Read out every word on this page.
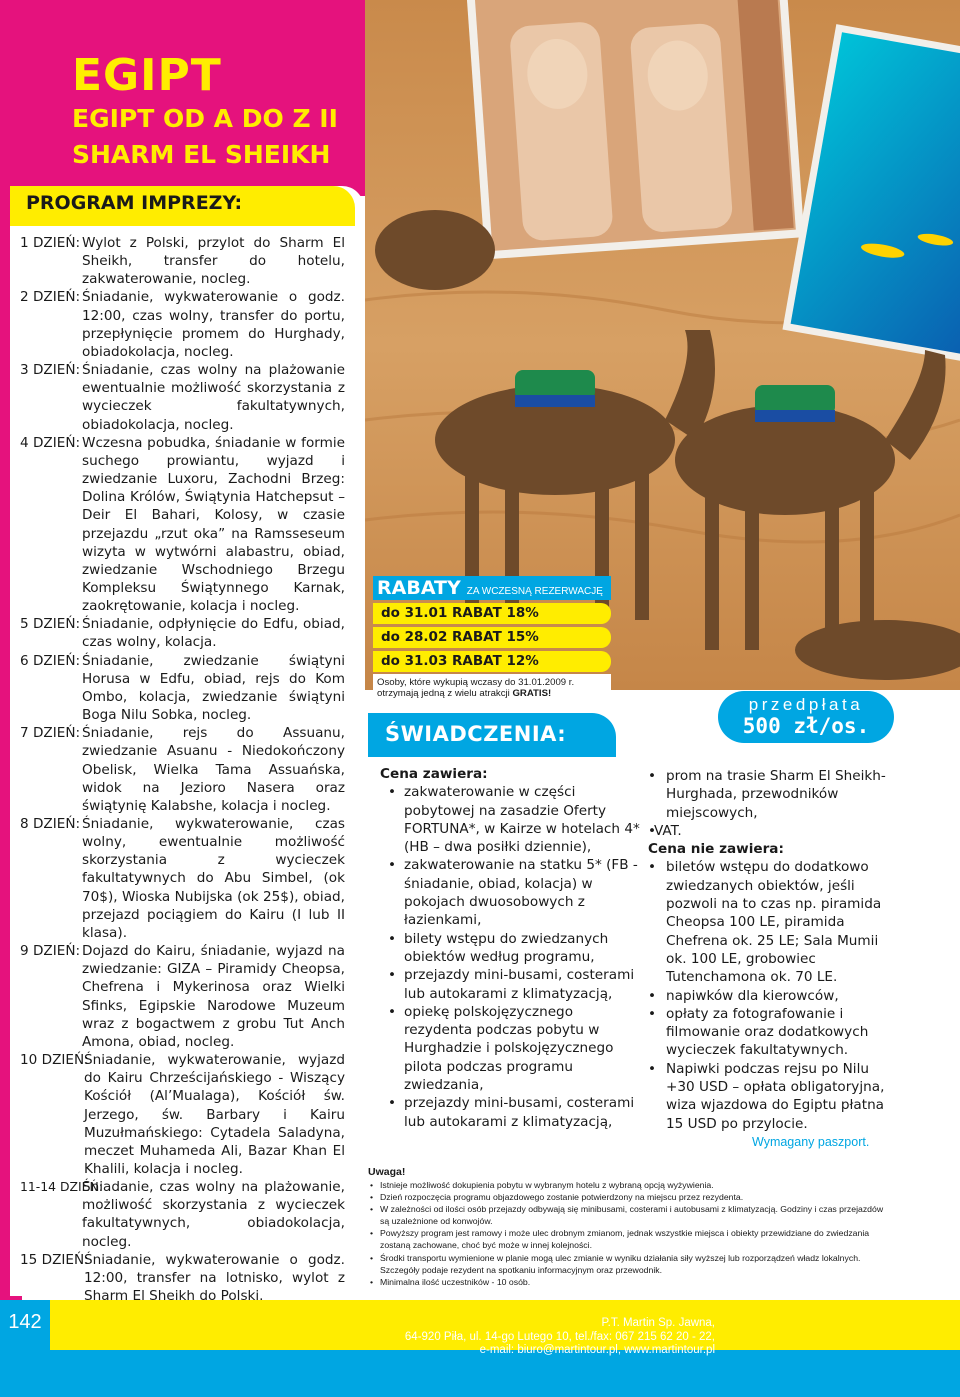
EGIPT
EGIPT OD A DO Z II
SHARM EL SHEIKH
PROGRAM IMPREZY:
1 DZIEŃ: Wylot z Polski, przylot do Sharm El Sheikh, transfer do hotelu, zakwaterowanie, nocleg.
2 DZIEŃ: Śniadanie, wykwaterowanie o godz. 12:00, czas wolny, transfer do portu, przepłynięcie promem do Hurghady, obiadokolacja, nocleg.
3 DZIEŃ: Śniadanie, czas wolny na plażowanie ewentualnie możliwość skorzystania z wycieczek fakultatywnych, obiadokolacja, nocleg.
4 DZIEŃ: Wczesna pobudka, śniadanie w formie suchego prowiantu, wyjazd i zwiedzanie Luxoru, Zachodni Brzeg: Dolina Królów, Świątynia Hatchepsut – Deir El Bahari, Kolosy, w czasie przejazdu „rzut oka” na Ramsseseum wizyta w wytwórni alabastru, obiad, zwiedzanie Wschodniego Brzegu Kompleksu Świątynnego Karnak, zaokrętowanie, kolacja i nocleg.
5 DZIEŃ: Śniadanie, odpłynięcie do Edfu, obiad, czas wolny, kolacja.
6 DZIEŃ: Śniadanie, zwiedzanie świątyni Horusa w Edfu, obiad, rejs do Kom Ombo, kolacja, zwiedzanie świątyni Boga Nilu Sobka, nocleg.
7 DZIEŃ: Śniadanie, rejs do Assuanu, zwiedzanie Asuanu - Niedokończony Obelisk, Wielka Tama Assuańska, widok na Jezioro Nasera oraz świątynię Kalabshe, kolacja i nocleg.
8 DZIEŃ: Śniadanie, wykwaterowanie, czas wolny, ewentualnie możliwość skorzystania z wycieczek fakultatywnych do Abu Simbel, (ok 70$), Wioska Nubijska (ok 25$), obiad, przejazd pociągiem do Kairu (I lub II klasa).
9 DZIEŃ: Dojazd do Kairu, śniadanie, wyjazd na zwiedzanie: GIZA – Piramidy Cheopsa, Chefrena i Mykerinosa oraz Wielki Sfinks, Egipskie Narodowe Muzeum wraz z bogactwem z grobu Tut Anch Amona, obiad, nocleg.
10 DZIEŃ:
Śniadanie, wykwaterowanie, wyjazd do Kairu Chrześcijańskiego - Wiszący Kościół (Al’Mualaga), Kościół św. Jerzego, św. Barbary i Kairu Muzułmańskiego: Cytadela Saladyna, meczet Muhameda Ali, Bazar Khan El Khalili, kolacja i nocleg.
11-14 DZIEŃ:
Śniadanie, czas wolny na plażowanie, możliwość skorzystania z wycieczek fakultatywnych, obiadokolacja, nocleg.
15 DZIEŃ:
Śniadanie, wykwaterowanie o godz. 12:00, transfer na lotnisko, wylot z Sharm El Sheikh do Polski.
RABATY ZA WCZESNĄ REZERWACJĘ
do 31.01 RABAT 18%
do 28.02 RABAT 15%
do 31.03 RABAT 12%
Osoby, które wykupią wczasy do 31.01.2009 r. otrzymają jedną z wielu atrakcji GRATIS!
przedpłata
500 zł/os.
ŚWIADCZENIA:
Cena zawiera:
• zakwaterowanie w części pobytowej na zasadzie Oferty FORTUNA*, w Kairze w hotelach 4* (HB – dwa posiłki dziennie),
• zakwaterowanie na statku 5* (FB - śniadanie, obiad, kolacja) w pokojach dwuosobowych z łazienkami,
• bilety wstępu do zwiedzanych obiektów według programu,
• przejazdy mini-busami, costerami lub autokarami z klimatyzacją,
• opiekę polskojęzycznego rezydenta podczas pobytu w Hurghadzie i polskojęzycznego pilota podczas programu zwiedzania,
• przejazdy mini-busami, costerami lub autokarami z klimatyzacją,
• prom na trasie Sharm El Sheikh-Hurghada, przewodników miejscowych,
• VAT.
Cena nie zawiera:
• biletów wstępu do dodatkowo zwiedzanych obiektów, jeśli pozwoli na to czas np. piramida Cheopsa 100 LE, piramida Chefrena ok. 25 LE; Sala Mumii ok. 100 LE, grobowiec Tutenchamona ok. 70 LE.
• napiwków dla kierowców,
• opłaty za fotografowanie i filmowanie oraz dodatkowych wycieczek fakultatywnych.
• Napiwki podczas rejsu po Nilu +30 USD – opłata obligatoryjna, wiza wjazdowa do Egiptu płatna 15 USD po przylocie.
Wymagany paszport.
Uwaga!
• Istnieje możliwość dokupienia pobytu w wybranym hotelu z wybraną opcją wyżywienia.
• Dzień rozpoczęcia programu objazdowego zostanie potwierdzony na miejscu przez rezydenta.
• W zależności od ilości osób przejazdy odbywają się minibusami, costerami i autobusami z klimatyzacją. Godziny i czas przejazdów są uzależnione od konwojów.
• Powyższy program jest ramowy i może ulec drobnym zmianom, jednak wszystkie miejsca i obiekty przewidziane do zwiedzania zostaną zachowane, choć być może w innej kolejności.
• Środki transportu wymienione w planie mogą ulec zmianie w wyniku działania siły wyższej lub rozporządzeń władz lokalnych. Szczegóły podaje rezydent na spotkaniu informacyjnym oraz przewodnik.
• Minimalna ilość uczestników - 10 osób.
142	P.T. Martin Sp. Jawna,
64-920 Piła, ul. 14-go Lutego 10, tel./fax: 067 215 62 20 - 22,
e-mail: biuro@martintour.pl, www.martintour.pl
